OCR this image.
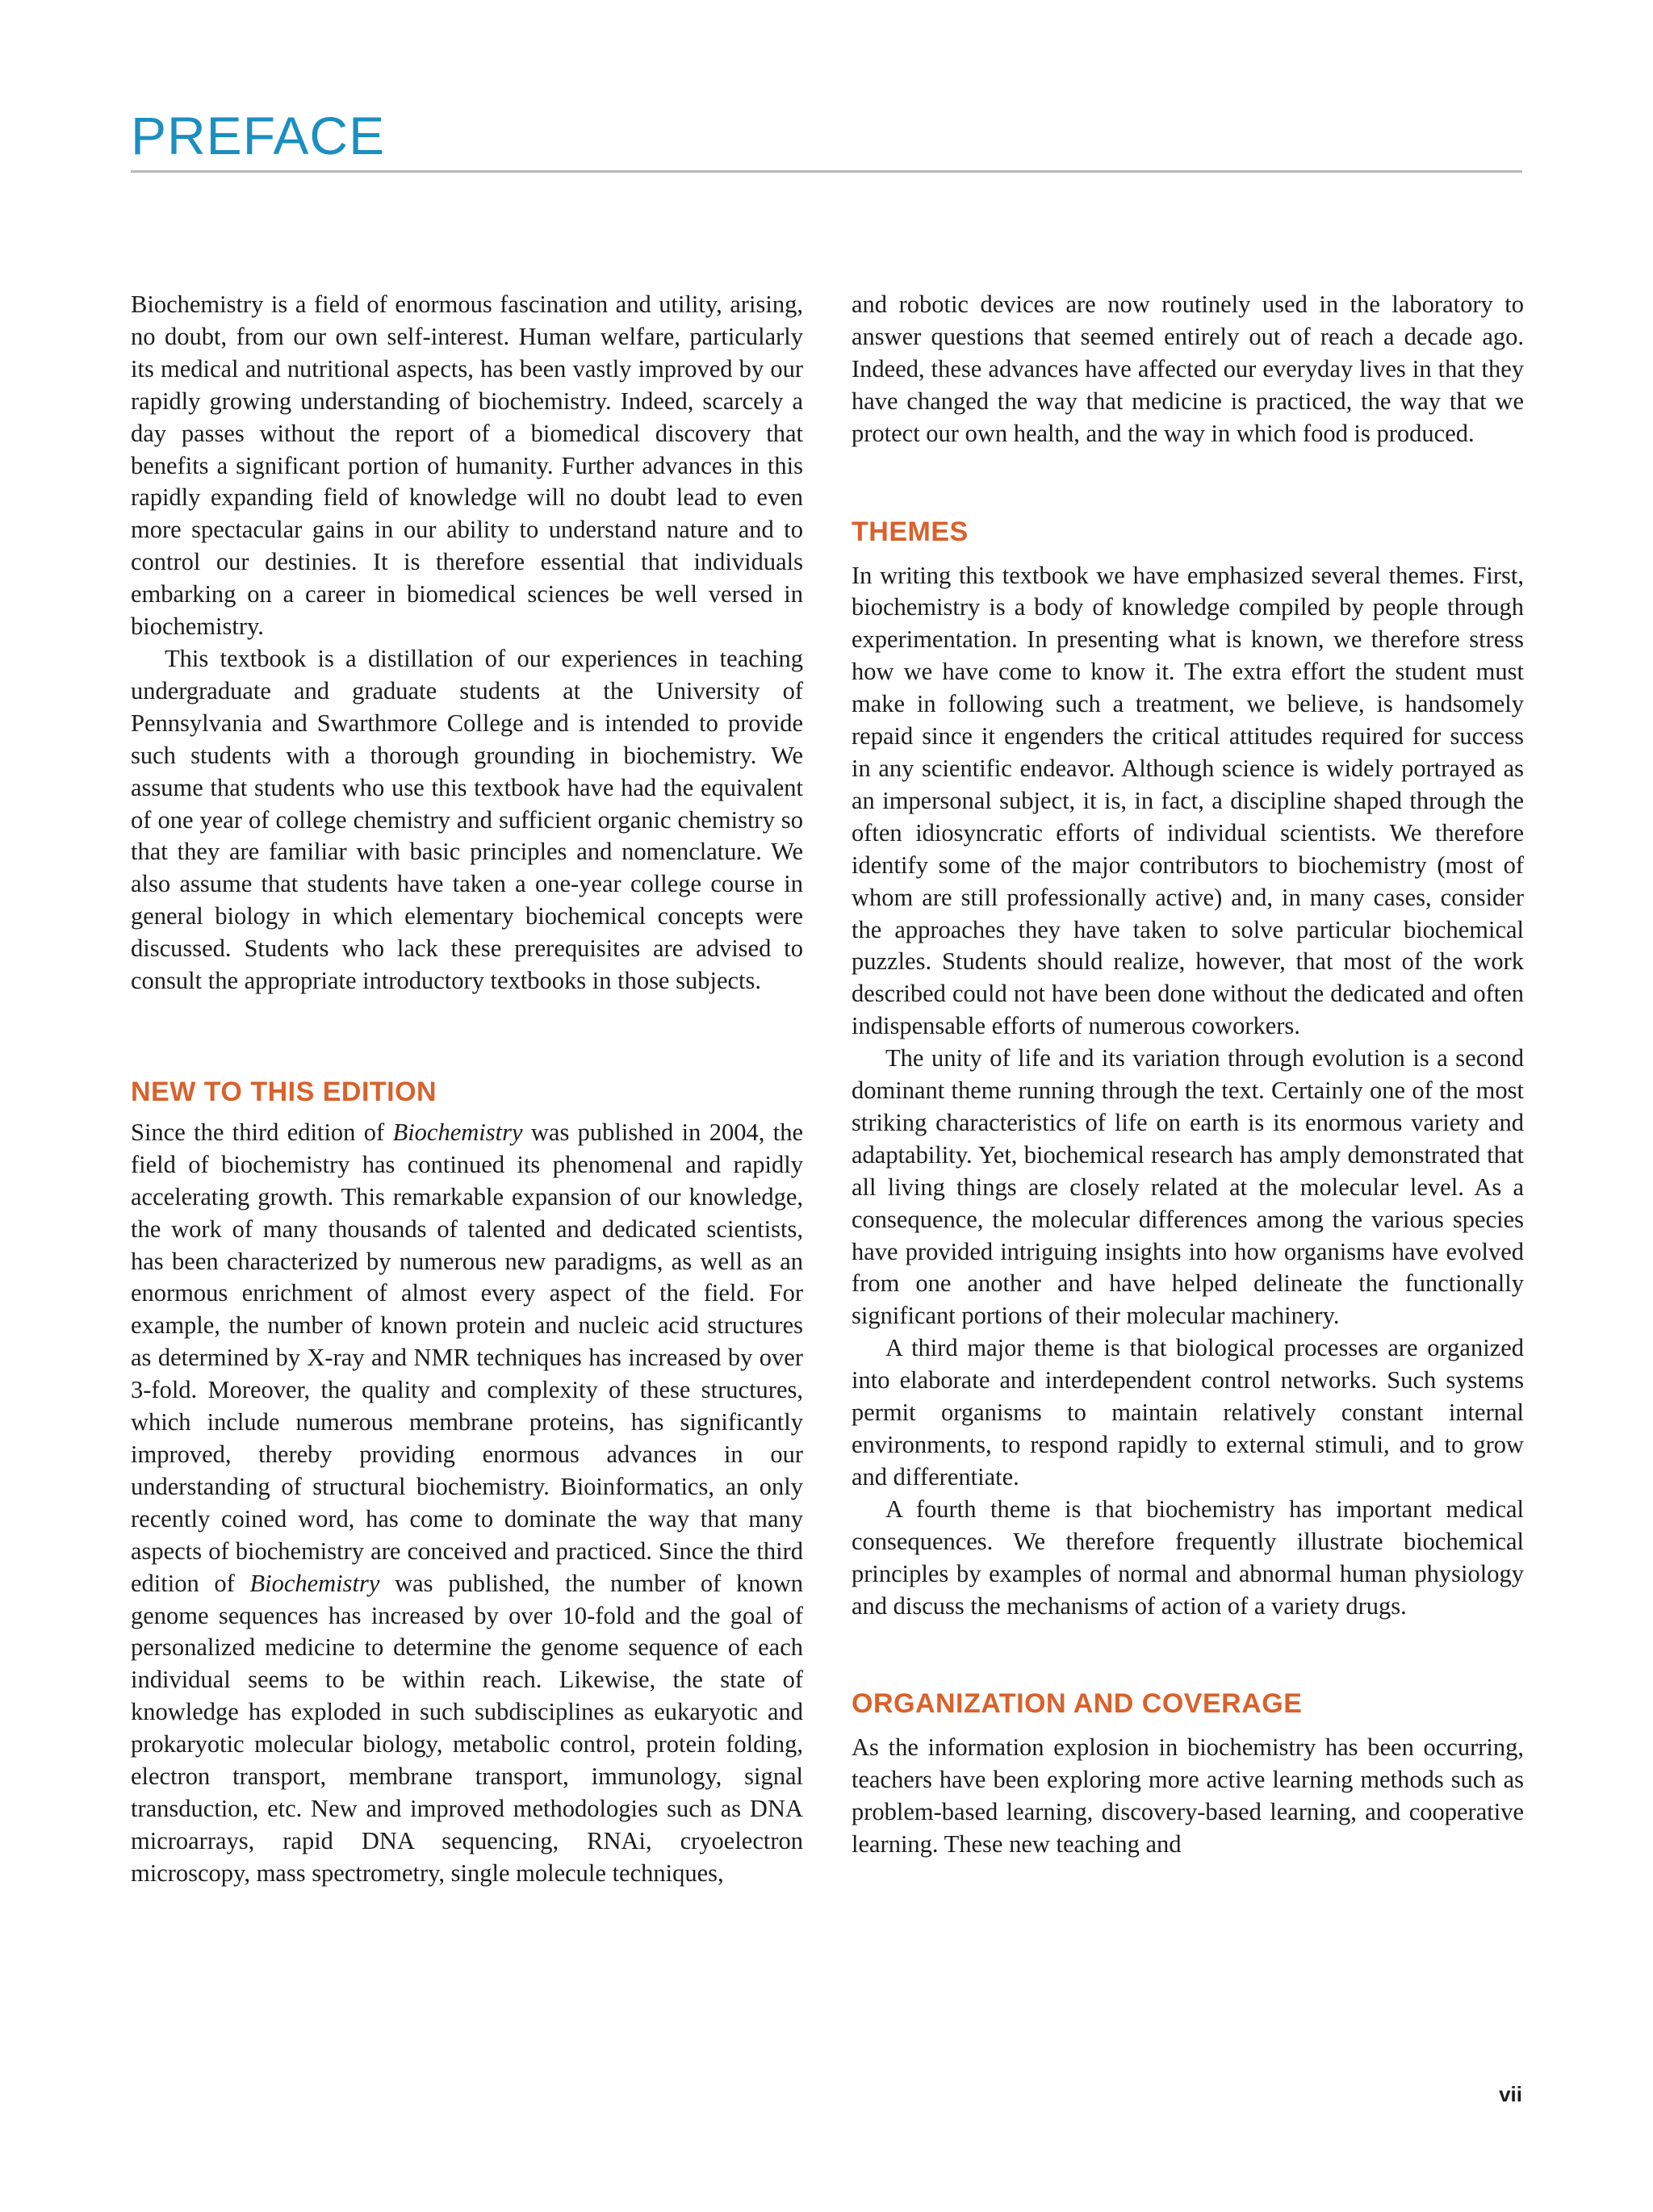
PREFACE

Biochemistry is a field of enormous fascination and utility, arising, no doubt, from our own self-interest. Human welfare, particularly its medical and nutritional aspects, has been vastly improved by our rapidly growing understanding of biochemistry. Indeed, scarcely a day passes without the report of a biomedical discovery that benefits a significant portion of humanity. Further advances in this rapidly expanding field of knowledge will no doubt lead to even more spectacular gains in our ability to understand nature and to control our destinies. It is therefore essential that individuals embarking on a career in biomedical sciences be well versed in biochemistry.

This textbook is a distillation of our experiences in teaching undergraduate and graduate students at the University of Pennsylvania and Swarthmore College and is intended to provide such students with a thorough grounding in biochemistry. We assume that students who use this textbook have had the equivalent of one year of college chemistry and sufficient organic chemistry so that they are familiar with basic principles and nomenclature. We also assume that students have taken a one-year college course in general biology in which elementary biochemical concepts were discussed. Students who lack these prerequisites are advised to consult the appropriate introductory textbooks in those subjects.

NEW TO THIS EDITION

Since the third edition of Biochemistry was published in 2004, the field of biochemistry has continued its phenomenal and rapidly accelerating growth. This remarkable expansion of our knowledge, the work of many thousands of talented and dedicated scientists, has been characterized by numerous new paradigms, as well as an enormous enrichment of almost every aspect of the field. For example, the number of known protein and nucleic acid structures as determined by X-ray and NMR techniques has increased by over 3-fold. Moreover, the quality and complexity of these structures, which include numerous membrane proteins, has significantly improved, thereby providing enormous advances in our understanding of structural biochemistry. Bioinformatics, an only recently coined word, has come to dominate the way that many aspects of biochemistry are conceived and practiced. Since the third edition of Biochemistry was published, the number of known genome sequences has increased by over 10-fold and the goal of personalized medicine to determine the genome sequence of each individual seems to be within reach. Likewise, the state of knowledge has exploded in such subdisciplines as eukaryotic and prokaryotic molecular biology, metabolic control, protein folding, electron transport, membrane transport, immunology, signal transduction, etc. New and improved methodologies such as DNA microarrays, rapid DNA sequencing, RNAi, cryoelectron microscopy, mass spectrometry, single molecule techniques,

and robotic devices are now routinely used in the laboratory to answer questions that seemed entirely out of reach a decade ago. Indeed, these advances have affected our everyday lives in that they have changed the way that medicine is practiced, the way that we protect our own health, and the way in which food is produced.

THEMES

In writing this textbook we have emphasized several themes. First, biochemistry is a body of knowledge compiled by people through experimentation. In presenting what is known, we therefore stress how we have come to know it. The extra effort the student must make in following such a treatment, we believe, is handsomely repaid since it engenders the critical attitudes required for success in any scientific endeavor. Although science is widely portrayed as an impersonal subject, it is, in fact, a discipline shaped through the often idiosyncratic efforts of individual scientists. We therefore identify some of the major contributors to biochemistry (most of whom are still professionally active) and, in many cases, consider the approaches they have taken to solve particular biochemical puzzles. Students should realize, however, that most of the work described could not have been done without the dedicated and often indispensable efforts of numerous coworkers.

The unity of life and its variation through evolution is a second dominant theme running through the text. Certainly one of the most striking characteristics of life on earth is its enormous variety and adaptability. Yet, biochemical research has amply demonstrated that all living things are closely related at the molecular level. As a consequence, the molecular differences among the various species have provided intriguing insights into how organisms have evolved from one another and have helped delineate the functionally significant portions of their molecular machinery.

A third major theme is that biological processes are organized into elaborate and interdependent control networks. Such systems permit organisms to maintain relatively constant internal environments, to respond rapidly to external stimuli, and to grow and differentiate.

A fourth theme is that biochemistry has important medical consequences. We therefore frequently illustrate biochemical principles by examples of normal and abnormal human physiology and discuss the mechanisms of action of a variety drugs.

ORGANIZATION AND COVERAGE

As the information explosion in biochemistry has been occurring, teachers have been exploring more active learning methods such as problem-based learning, discovery-based learning, and cooperative learning. These new teaching and

vii
